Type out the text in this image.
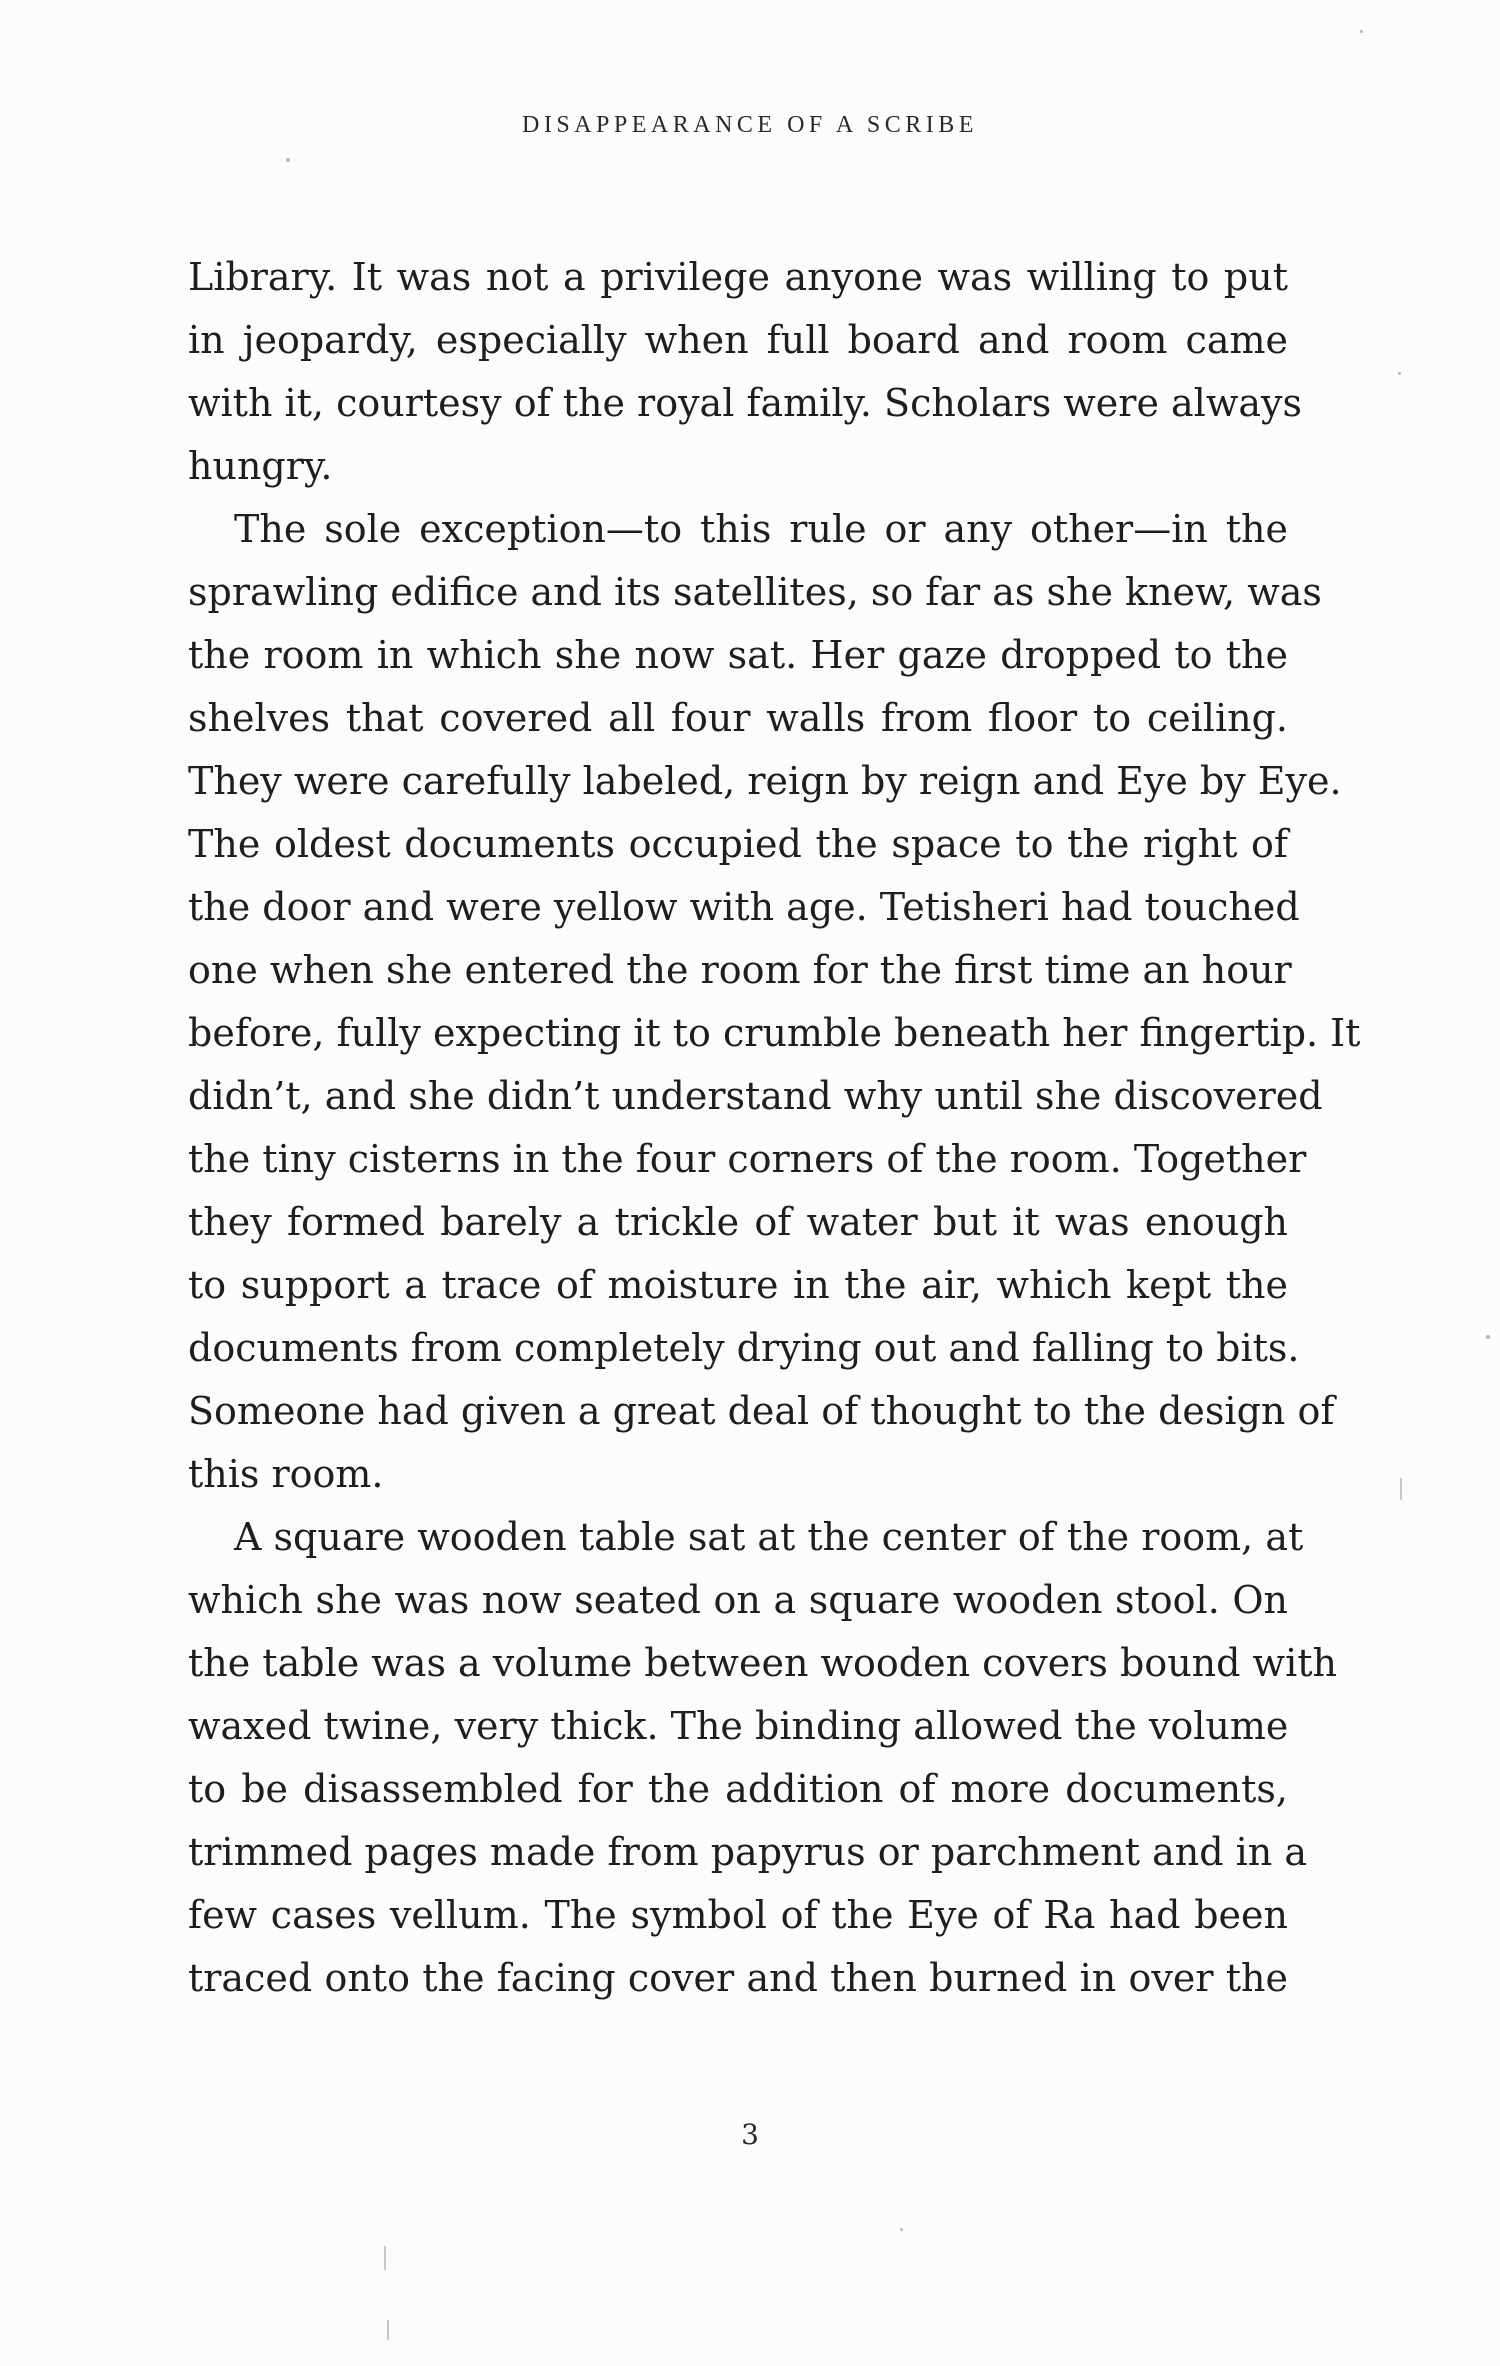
DISAPPEARANCE OF A SCRIBE
Library. It was not a privilege anyone was willing to put
in jeopardy, especially when full board and room came
with it, courtesy of the royal family. Scholars were always
hungry.
The sole exception—to this rule or any other—in the
sprawling edifice and its satellites, so far as she knew, was
the room in which she now sat. Her gaze dropped to the
shelves that covered all four walls from floor to ceiling.
They were carefully labeled, reign by reign and Eye by Eye.
The oldest documents occupied the space to the right of
the door and were yellow with age. Tetisheri had touched
one when she entered the room for the first time an hour
before, fully expecting it to crumble beneath her fingertip. It
didn’t, and she didn’t understand why until she discovered
the tiny cisterns in the four corners of the room. Together
they formed barely a trickle of water but it was enough
to support a trace of moisture in the air, which kept the
documents from completely drying out and falling to bits.
Someone had given a great deal of thought to the design of
this room.
A square wooden table sat at the center of the room, at
which she was now seated on a square wooden stool. On
the table was a volume between wooden covers bound with
waxed twine, very thick. The binding allowed the volume
to be disassembled for the addition of more documents,
trimmed pages made from papyrus or parchment and in a
few cases vellum. The symbol of the Eye of Ra had been
traced onto the facing cover and then burned in over the
3
